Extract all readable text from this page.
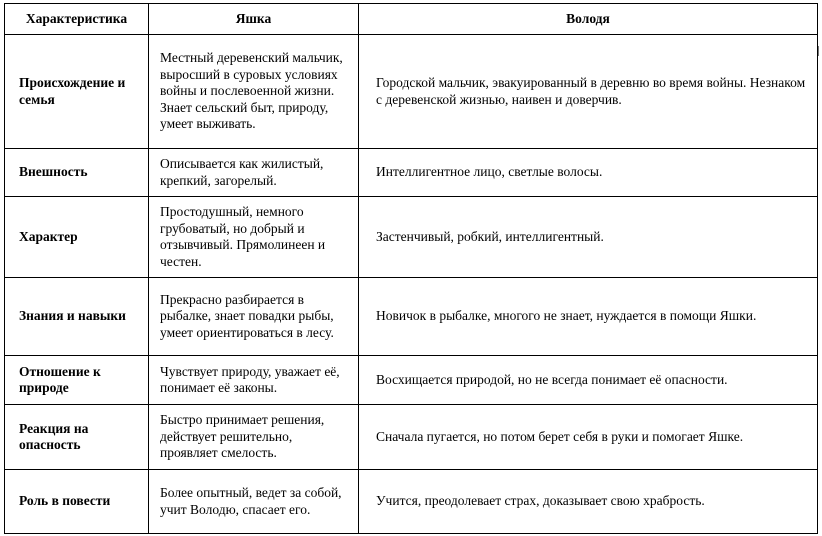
Характеристика	Яшка	Володя
Происхождение и семья	Местный деревенский мальчик, выросший в суровых условиях войны и послевоенной жизни. Знает сельский быт, природу, умеет выживать.	Городской мальчик, эвакуированный в деревню во время войны. Незнаком с деревенской жизнью, наивен и доверчив.
Внешность	Описывается как жилистый, крепкий, загорелый.	Интеллигентное лицо, светлые волосы.
Характер	Простодушный, немного грубоватый, но добрый и отзывчивый. Прямолинеен и честен.	Застенчивый, робкий, интеллигентный.
Знания и навыки	Прекрасно разбирается в рыбалке, знает повадки рыбы, умеет ориентироваться в лесу.	Новичок в рыбалке, многого не знает, нуждается в помощи Яшки.
Отношение к природе	Чувствует природу, уважает её, понимает её законы.	Восхищается природой, но не всегда понимает её опасности.
Реакция на опасность	Быстро принимает решения, действует решительно, проявляет смелость.	Сначала пугается, но потом берет себя в руки и помогает Яшке.
Роль в повести	Более опытный, ведет за собой, учит Володю, спасает его.	Учится, преодолевает страх, доказывает свою храбрость.
